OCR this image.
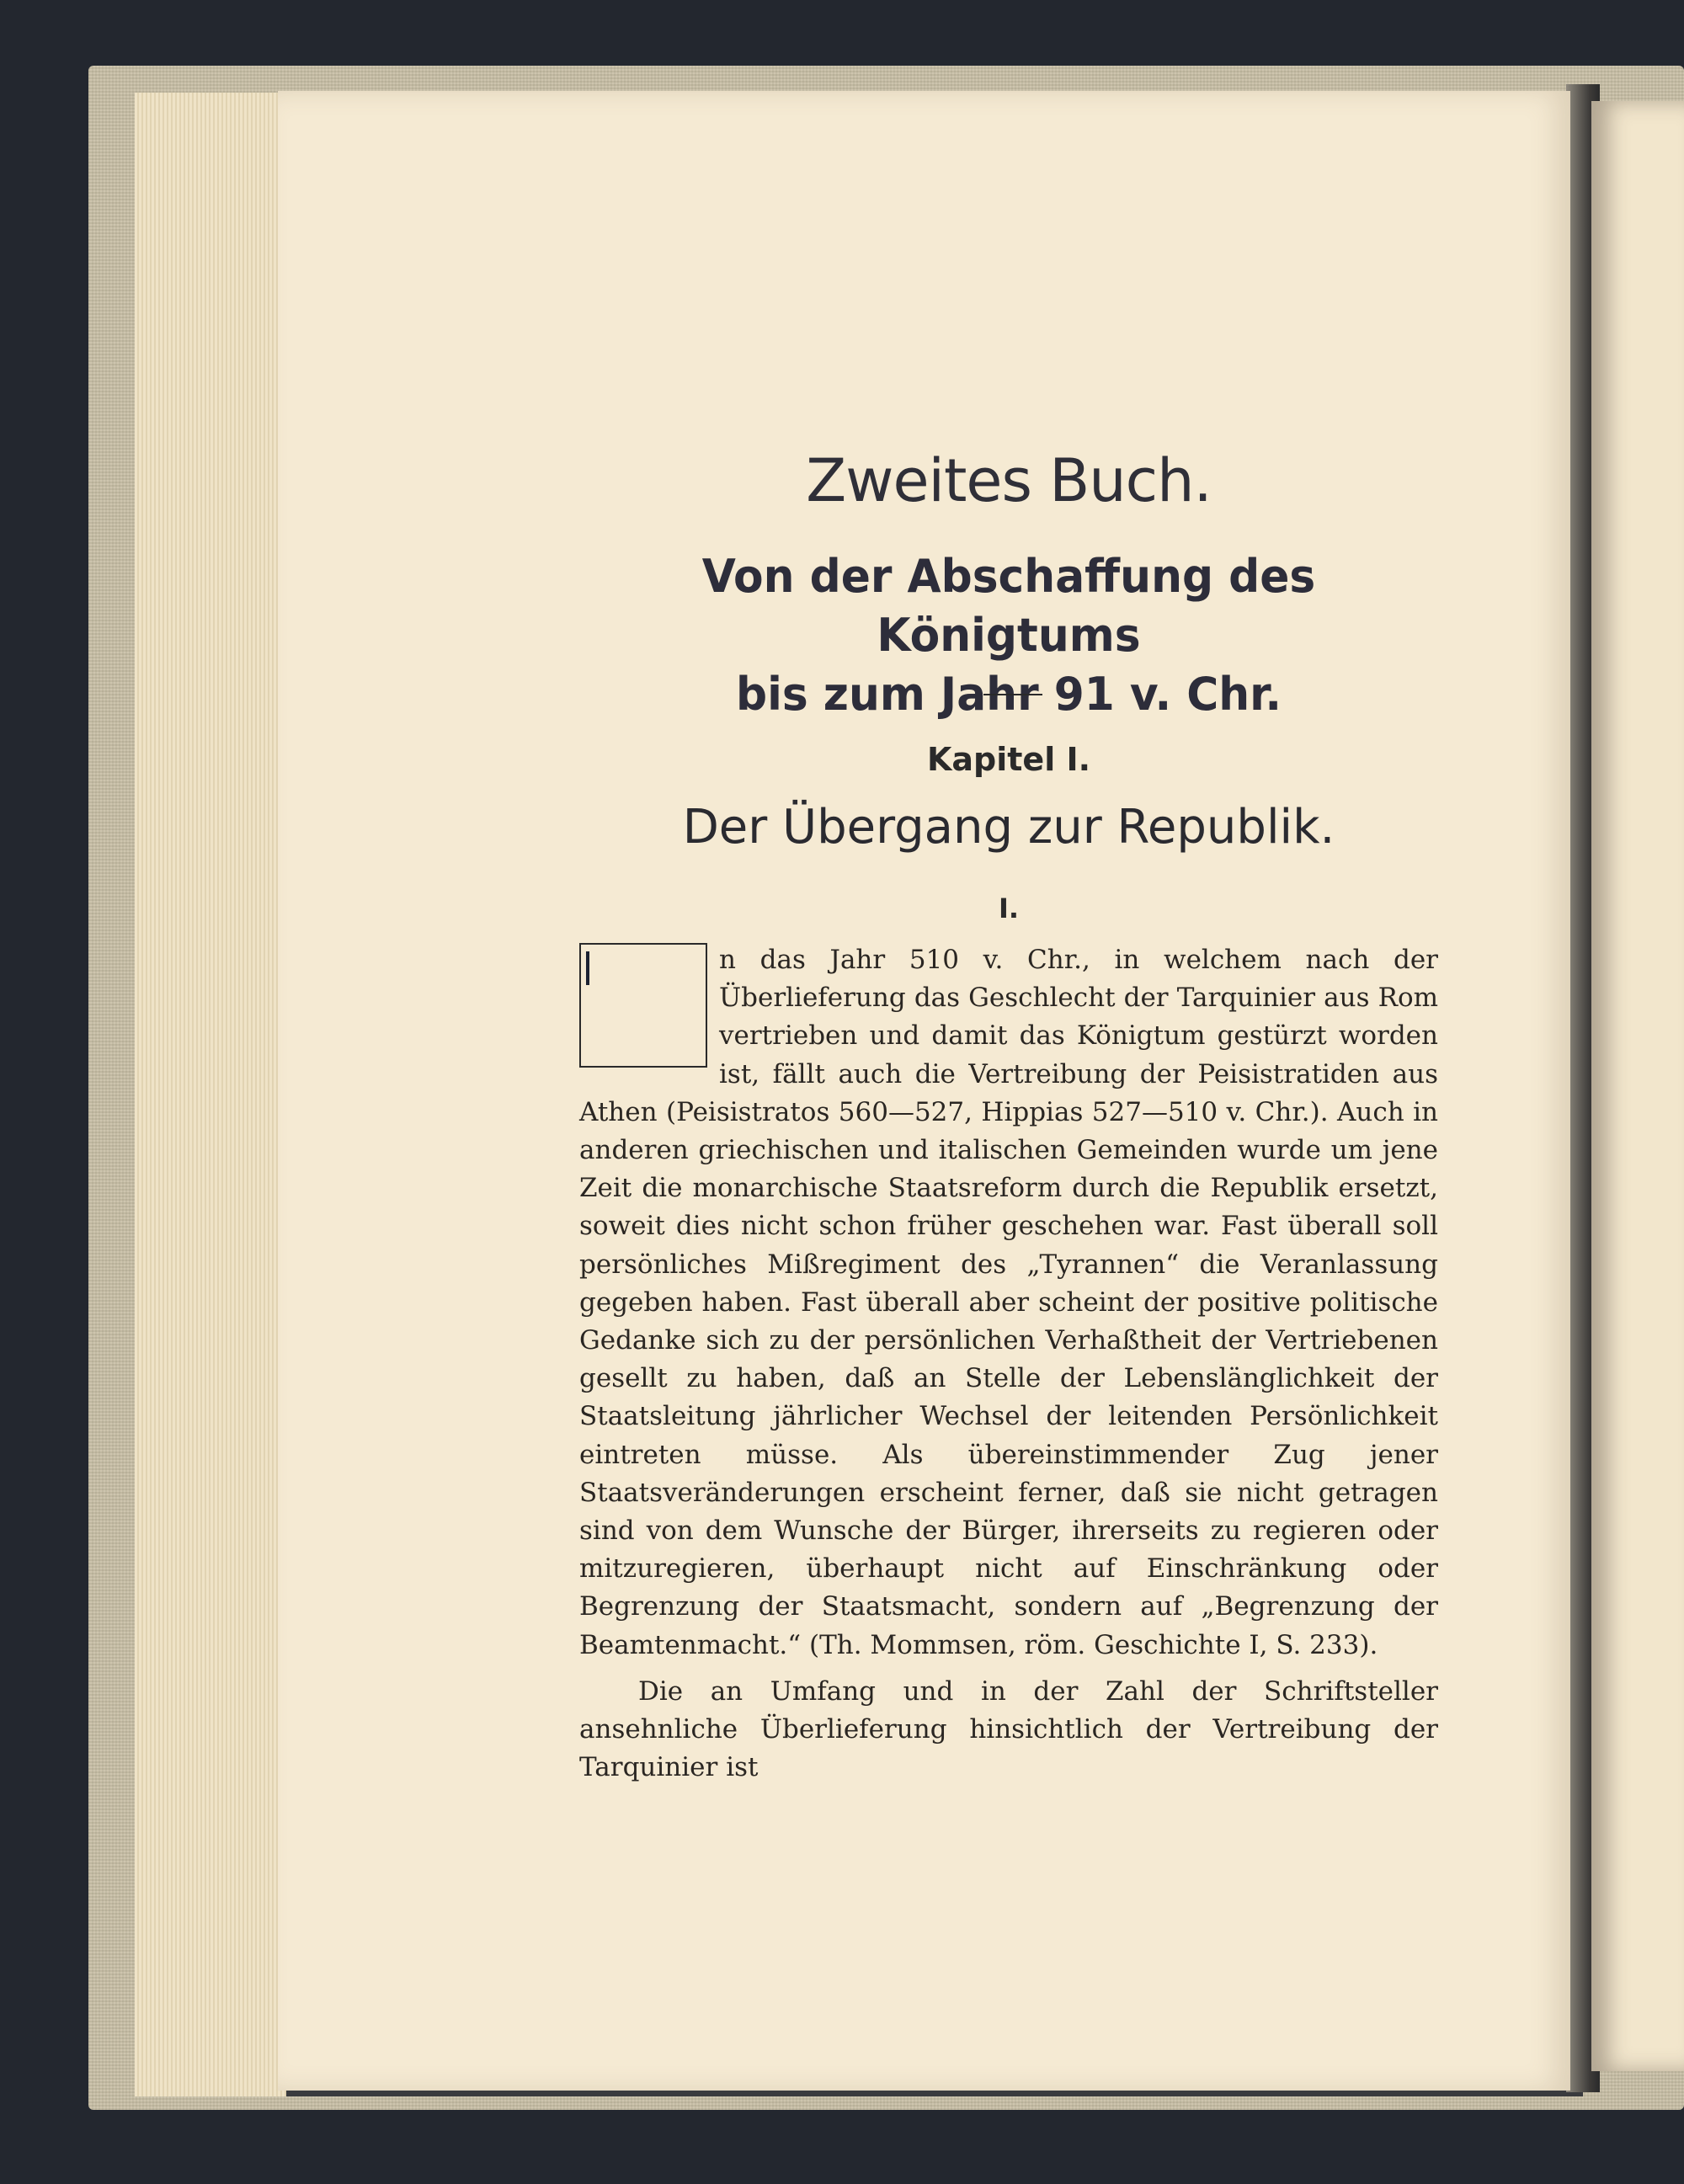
Zweites Buch.
Von der Abschaffung des Königtums
bis zum Jahr 91 v. Chr.
Kapitel I.
Der Übergang zur Republik.
I.

n das Jahr 510 v. Chr., in welchem nach der Überlieferung das Geschlecht der Tarquinier aus Rom vertrieben und damit das Königtum gestürzt worden ist, fällt auch die Vertreibung der Peisistratiden aus Athen (Peisistratos 560—527, Hippias 527—510 v. Chr.). Auch in anderen griechischen und italischen Gemeinden wurde um jene Zeit die monarchische Staatsreform durch die Republik ersetzt, soweit dies nicht schon früher geschehen war. Fast überall soll persönliches Mißregiment des „Tyrannen“ die Veranlassung gegeben haben. Fast überall aber scheint der positive politische Gedanke sich zu der persönlichen Verhaßtheit der Vertriebenen gesellt zu haben, daß an Stelle der Lebenslänglichkeit der Staatsleitung jährlicher Wechsel der leitenden Persönlichkeit eintreten müsse. Als übereinstimmender Zug jener Staatsveränderungen erscheint ferner, daß sie nicht getragen sind von dem Wunsche der Bürger, ihrerseits zu regieren oder mitzuregieren, überhaupt nicht auf Einschränkung oder Begrenzung der Staatsmacht, sondern auf „Begrenzung der Beamtenmacht.“ (Th. Mommsen, röm. Geschichte I, S. 233).

Die an Umfang und in der Zahl der Schriftsteller ansehnliche Überlieferung hinsichtlich der Vertreibung der Tarquinier ist
